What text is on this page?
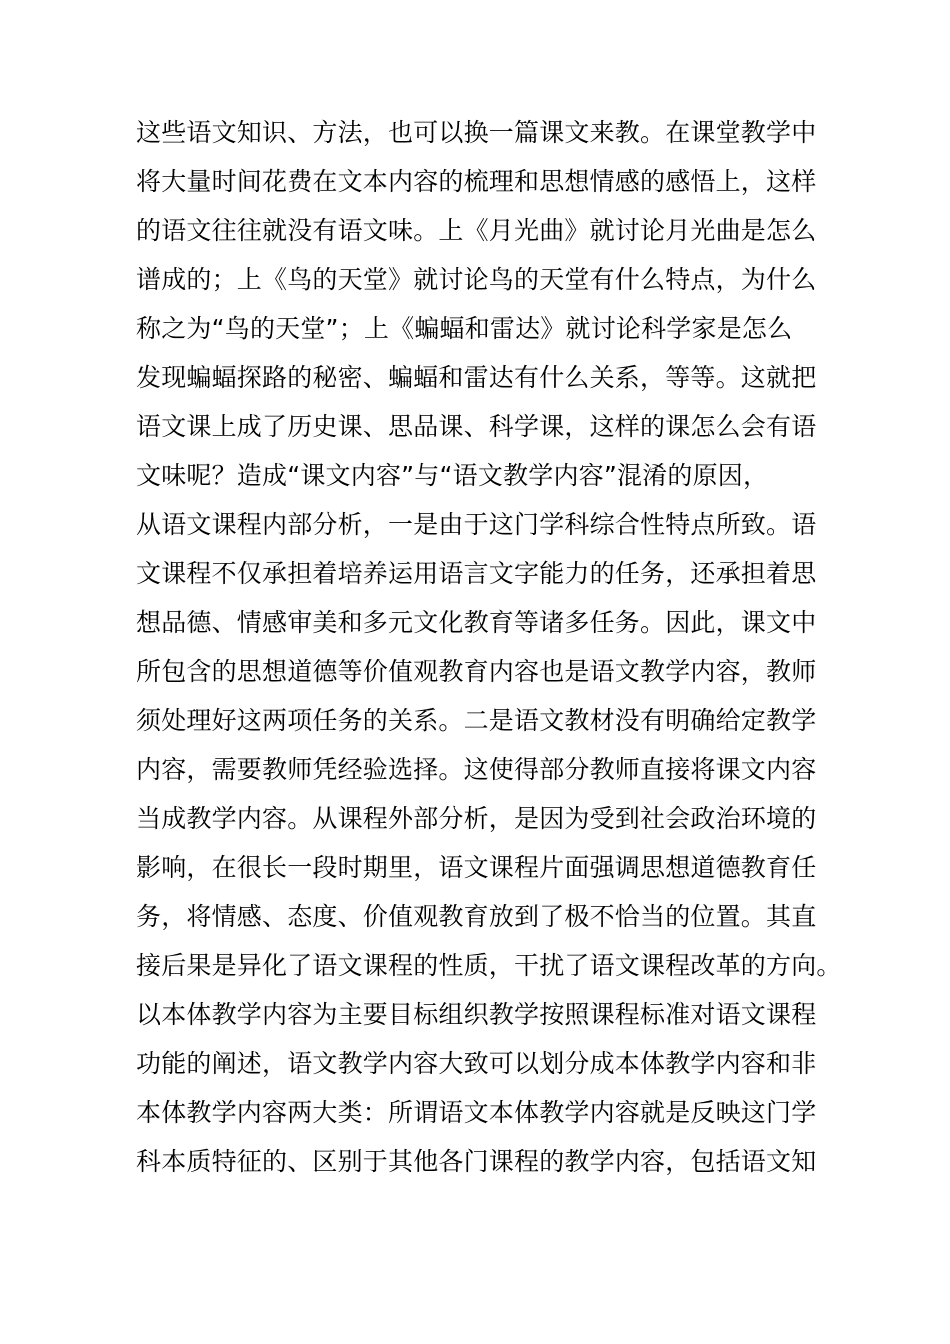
这些语文知识、方法，也可以换一篇课文来教。在课堂教学中
将大量时间花费在文本内容的梳理和思想情感的感悟上，这样
的语文往往就没有语文味。上《月光曲》就讨论月光曲是怎么
谱成的；上《鸟的天堂》就讨论鸟的天堂有什么特点，为什么
称之为“鸟的天堂”；上《蝙蝠和雷达》就讨论科学家是怎么
发现蝙蝠探路的秘密、蝙蝠和雷达有什么关系，等等。这就把
语文课上成了历史课、思品课、科学课，这样的课怎么会有语
文味呢？造成“课文内容”与“语文教学内容”混淆的原因，
从语文课程内部分析，一是由于这门学科综合性特点所致。语
文课程不仅承担着培养运用语言文字能力的任务，还承担着思
想品德、情感审美和多元文化教育等诸多任务。因此，课文中
所包含的思想道德等价值观教育内容也是语文教学内容，教师
须处理好这两项任务的关系。二是语文教材没有明确给定教学
内容，需要教师凭经验选择。这使得部分教师直接将课文内容
当成教学内容。从课程外部分析，是因为受到社会政治环境的
影响，在很长一段时期里，语文课程片面强调思想道德教育任
务，将情感、态度、价值观教育放到了极不恰当的位置。其直
接后果是异化了语文课程的性质，干扰了语文课程改革的方向。
以本体教学内容为主要目标组织教学按照课程标准对语文课程
功能的阐述，语文教学内容大致可以划分成本体教学内容和非
本体教学内容两大类：所谓语文本体教学内容就是反映这门学
科本质特征的、区别于其他各门课程的教学内容，包括语文知
